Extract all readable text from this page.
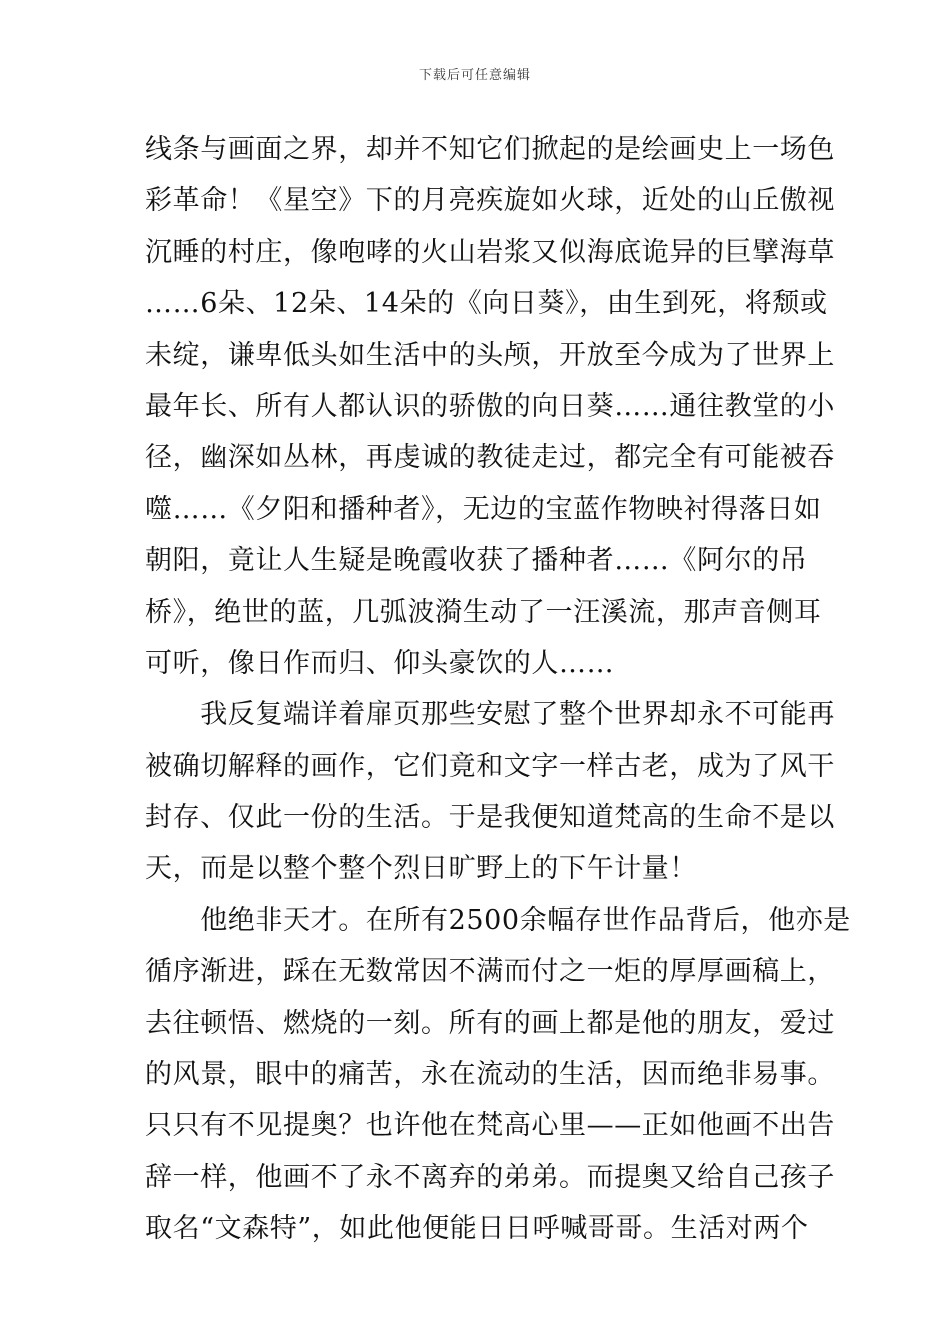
下载后可任意编辑
线条与画面之界，却并不知它们掀起的是绘画史上一场色
彩革命！《星空》下的月亮疾旋如火球，近处的山丘傲视
沉睡的村庄，像咆哮的火山岩浆又似海底诡异的巨擘海草
……6朵、12朵、14朵的《向日葵》，由生到死，将颓或
未绽，谦卑低头如生活中的头颅，开放至今成为了世界上
最年长、所有人都认识的骄傲的向日葵……通往教堂的小
径，幽深如丛林，再虔诚的教徒走过，都完全有可能被吞
噬……《夕阳和播种者》，无边的宝蓝作物映衬得落日如
朝阳，竟让人生疑是晚霞收获了播种者……《阿尔的吊
桥》，绝世的蓝，几弧波漪生动了一汪溪流，那声音侧耳
可听，像日作而归、仰头豪饮的人……
　　我反复端详着扉页那些安慰了整个世界却永不可能再
被确切解释的画作，它们竟和文字一样古老，成为了风干
封存、仅此一份的生活。于是我便知道梵高的生命不是以
天，而是以整个整个烈日旷野上的下午计量！
　　他绝非天才。在所有2500余幅存世作品背后，他亦是
循序渐进，踩在无数常因不满而付之一炬的厚厚画稿上，
去往顿悟、燃烧的一刻。所有的画上都是他的朋友，爱过
的风景，眼中的痛苦，永在流动的生活，因而绝非易事。
只只有不见提奥？也许他在梵高心里——正如他画不出告
辞一样，他画不了永不离弃的弟弟。而提奥又给自己孩子
取名“文森特”，如此他便能日日呼喊哥哥。生活对两个
